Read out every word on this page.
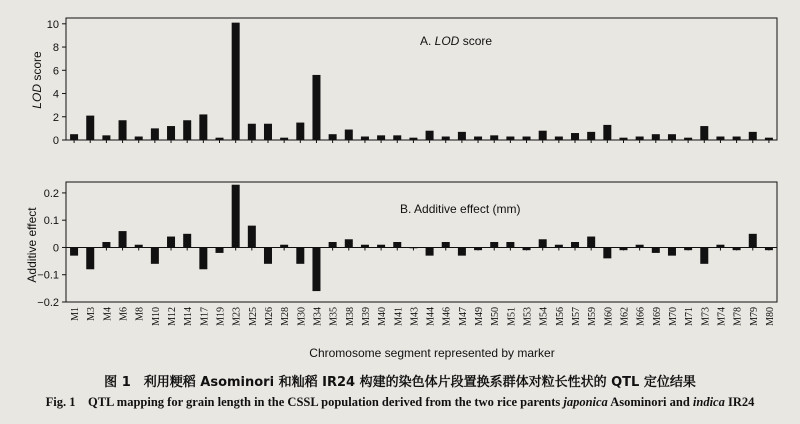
0
2
4
6
8
10
A. LOD score
LOD score
−0.2
−0.1
0
0.1
0.2
B. Additive effect (mm)
Additive effect
M1 M3 M4 M6 M8 M10 M12 M14 M17 M19 M23 M25 M26 M28 M30 M34 M35 M38 M39 M40 M41 M43 M44 M46 M47 M49 M50 M51 M53 M54 M56 M57 M59 M60 M62 M66 M69 M70 M71 M73 M74 M78 M79 M80
Chromosome segment represented by marker
图 1　利用粳稻 Asominori 和籼稻 IR24 构建的染色体片段置换系群体对粒长性状的 QTL 定位结果
Fig. 1　QTL mapping for grain length in the CSSL population derived from the two rice parents japonica Asominori and indica IR24
